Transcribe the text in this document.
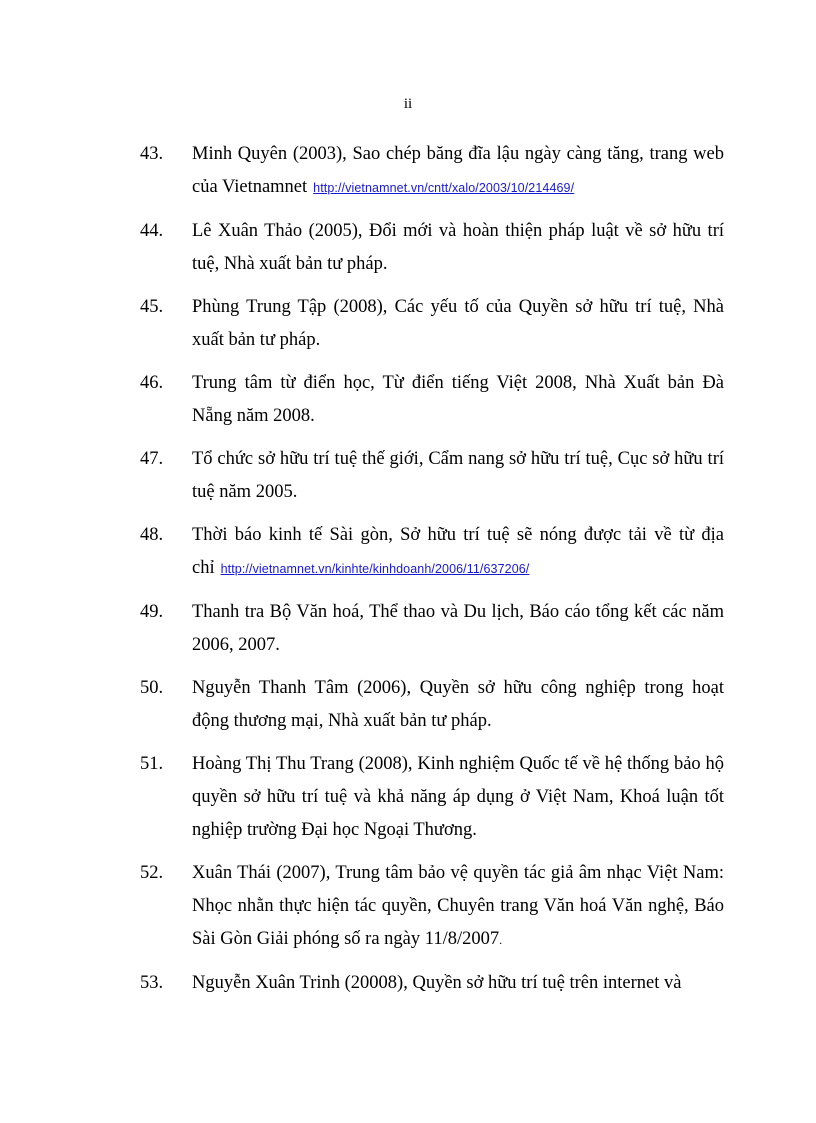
ii
43.	Minh Quyên (2003), Sao chép băng đĩa lậu ngày càng tăng, trang web của Vietnamnet http://vietnamnet.vn/cntt/xalo/2003/10/214469/
44.	Lê Xuân Thảo (2005), Đổi mới và hoàn thiện pháp luật về sở hữu trí tuệ, Nhà xuất bản tư pháp.
45.	Phùng Trung Tập (2008), Các yếu tố của Quyền sở hữu trí tuệ, Nhà xuất bản tư pháp.
46.	Trung tâm từ điển học, Từ điển tiếng Việt 2008, Nhà Xuất bản Đà Nẵng năm 2008.
47.	Tổ chức sở hữu trí tuệ thế giới, Cẩm nang sở hữu trí tuệ, Cục sở hữu trí tuệ năm 2005.
48.	Thời báo kinh tế Sài gòn, Sở hữu trí tuệ sẽ nóng được tải về từ địa chỉ http://vietnamnet.vn/kinhte/kinhdoanh/2006/11/637206/
49.	Thanh tra Bộ Văn hoá, Thể thao và Du lịch, Báo cáo tổng kết các năm 2006, 2007.
50.	Nguyễn Thanh Tâm (2006), Quyền sở hữu công nghiệp trong hoạt động thương mại, Nhà xuất bản tư pháp.
51.	Hoàng Thị Thu Trang (2008), Kinh nghiệm Quốc tế về hệ thống bảo hộ quyền sở hữu trí tuệ và khả năng áp dụng ở Việt Nam, Khoá luận tốt nghiệp trường Đại học Ngoại Thương.
52.	Xuân Thái (2007), Trung tâm bảo vệ quyền tác giả âm nhạc Việt Nam: Nhọc nhằn thực hiện tác quyền, Chuyên trang Văn hoá Văn nghệ, Báo Sài Gòn Giải phóng số ra ngày 11/8/2007.
53.	Nguyễn Xuân Trinh (20008), Quyền sở hữu trí tuệ trên internet và
